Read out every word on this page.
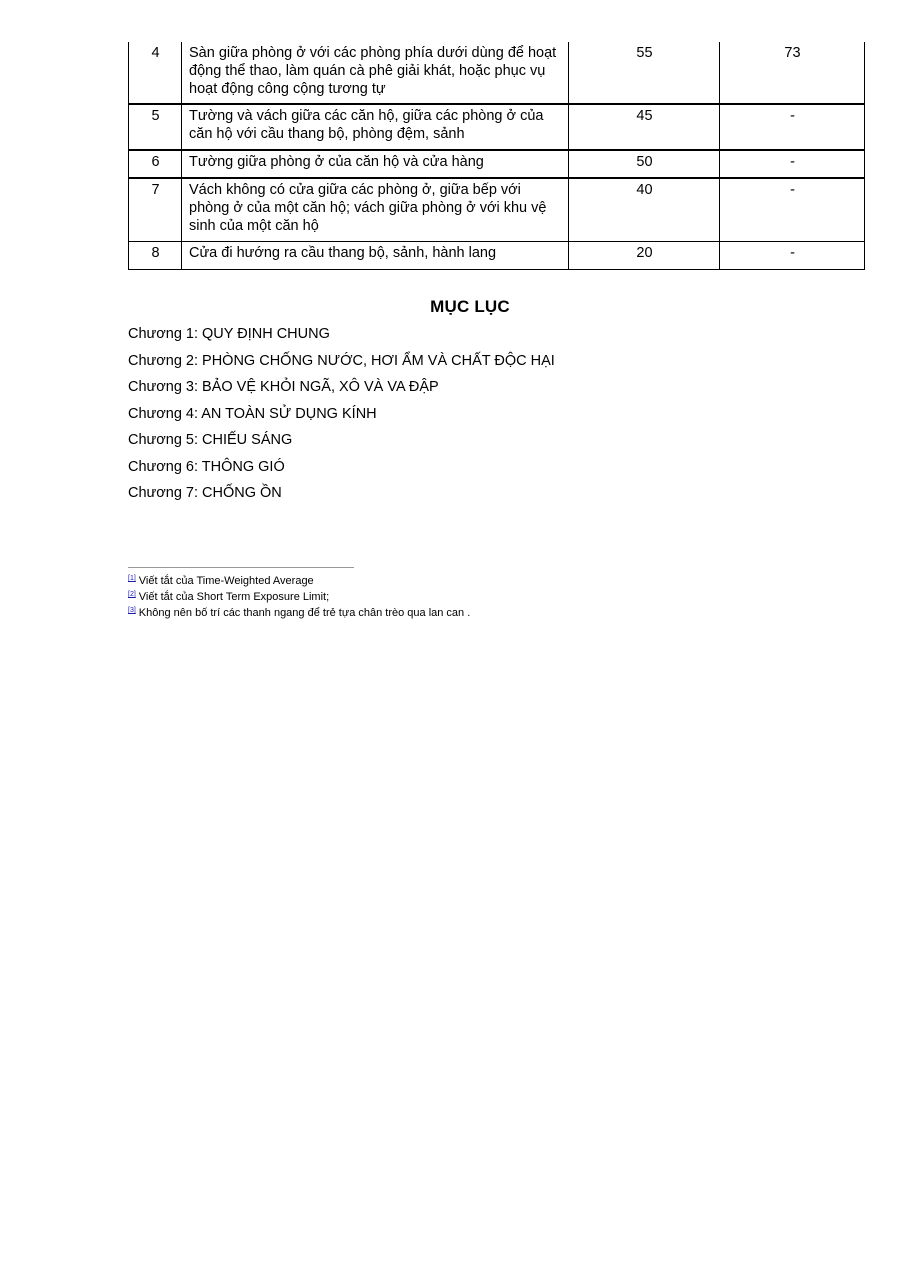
4	Sàn giữa phòng ở với các phòng phía dưới dùng để hoạt động thể thao, làm quán cà phê giải khát, hoặc phục vụ hoạt động công cộng tương tự	55	73
5	Tường và vách giữa các căn hộ, giữa các phòng ở của căn hộ với cầu thang bộ, phòng đệm, sảnh	45	-
6	Tường giữa phòng ở của căn hộ và cửa hàng	50	-
7	Vách không có cửa giữa các phòng ở, giữa bếp với phòng ở của một căn hộ; vách giữa phòng ở với khu vệ sinh của một căn hộ	40	-
8	Cửa đi hướng ra cầu thang bộ, sảnh, hành lang	20	-
MỤC LỤC
Chương 1: QUY ĐỊNH CHUNG
Chương 2: PHÒNG CHỐNG NƯỚC, HƠI ẨM VÀ CHẤT ĐỘC HẠI
Chương 3: BẢO VỆ KHỎI NGÃ, XÔ VÀ VA ĐẬP
Chương 4: AN TOÀN SỬ DỤNG KÍNH
Chương 5: CHIẾU SÁNG
Chương 6: THÔNG GIÓ
Chương 7: CHỐNG ỒN
[1] Viết tắt của Time-Weighted Average
[2] Viết tắt của Short Term Exposure Limit;
[3] Không nên bố trí các thanh ngang để trẻ tựa chân trèo qua lan can .
